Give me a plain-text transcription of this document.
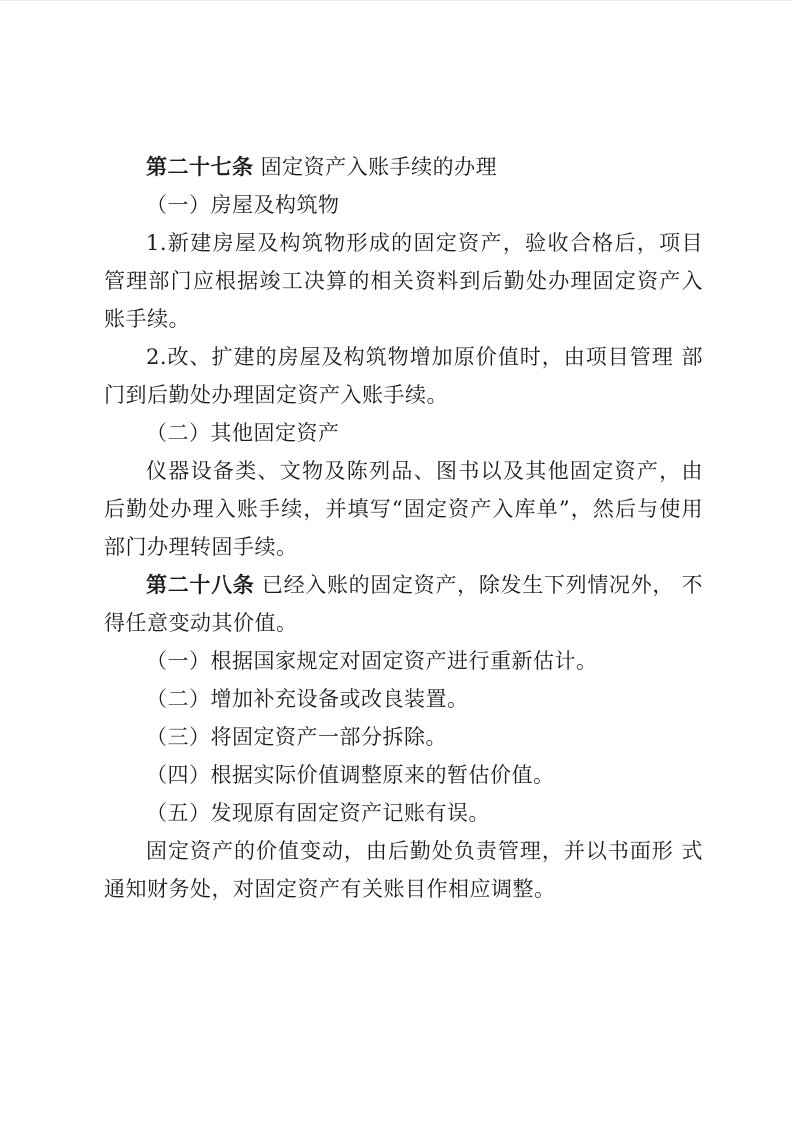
第二十七条 固定资产入账手续的办理

（一）房屋及构筑物

1.新建房屋及构筑物形成的固定资产，验收合格后，项目管理部门应根据竣工决算的相关资料到后勤处办理固定资产入账手续。

2.改、扩建的房屋及构筑物增加原价值时，由项目管理 部门到后勤处办理固定资产入账手续。

（二）其他固定资产

仪器设备类、文物及陈列品、图书以及其他固定资产，由后勤处办理入账手续，并填写“固定资产入库单”，然后与使用部门办理转固手续。

第二十八条 已经入账的固定资产，除发生下列情况外， 不得任意变动其价值。

（一）根据国家规定对固定资产进行重新估计。

（二）增加补充设备或改良装置。

（三）将固定资产一部分拆除。

（四）根据实际价值调整原来的暂估价值。

（五）发现原有固定资产记账有误。

固定资产的价值变动，由后勤处负责管理，并以书面形 式通知财务处，对固定资产有关账目作相应调整。
